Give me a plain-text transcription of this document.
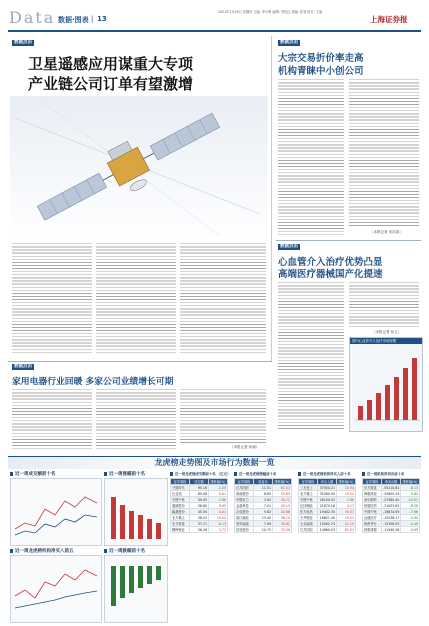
Data 数据·图表 | 13
2021年7月29日 星期四 主编: 李小明 编辑: 李桂红 美编: 张赛 校对: 王丽
上海证券报
数据点击
卫星遥感应用谋重大专项
产业链公司订单有望激增
数据点击
大宗交易折价率走高
机构青睐中小创公司
（本报记者 吴乐群）
数据点击
心血管介入治疗优势凸显
高端医疗器械国产化提速
（本报记者 孙立）
国内心血管介入治疗市场规模
数据点击
家用电器行业回暖 多家公司业绩增长可期
（本报记者 孙丽）
龙虎榜走势图及市场行为数据一览
近一周成交额前十名
近一周龙虎榜机构净买入前五
近一周涨幅前十名
近一周跌幅前十名
近一周龙虎榜成交额前十名 （亿元）
证券简称	成交额	涨跌幅(%)
宁德时代	95.16	-1.05
比亚迪	65.08	5.61
中国中免	59.05	-7.66
通威股份	58.80	9.95
隆基股份	45.30	4.01
北方稀土	38.52	10.02
东方财富	37.71	-8.13
赣锋锂业	36.26	3.72
近一周龙虎榜涨幅前十名
证券简称	收盘价	涨跌幅(%)
江苏国信	11.51	61.01
深南股份	8.80	53.63
华银电力	3.92	45.72
金晶科技	7.01	45.13
吉电股份	5.62	40.68
浙江新能	13.40	38.10
昊华能源	7.99	35.82
佳电股份	10.70	33.56
近一周龙虎榜机构净买入前十名
证券简称	净买入额	涨跌幅(%)
三友化工	37050.21	10.04
北方稀土	35280.90	10.02
中国中免	26100.52	-7.66
亿纬锂能	21870.16	4.17
东方电热	19402.35	35.07
天齐锂业	16821.40	10.01
大全能源	15502.74	21.15
江苏国信	14860.03	61.01
近一周机构净卖出前十名
证券简称	净卖出额	涨跌幅(%)
东方财富	-55210.82	-8.13
海康威视	-32605.19	-9.82
爱尔眼科	-27580.40	-10.01
恒瑞医药	-21003.62	-6.58
中国中免	-19874.09	-7.66
迈瑞医疗	-15238.17	-5.90
贵州茅台	-13306.55	-4.49
药明康德	-11940.28	-9.99
